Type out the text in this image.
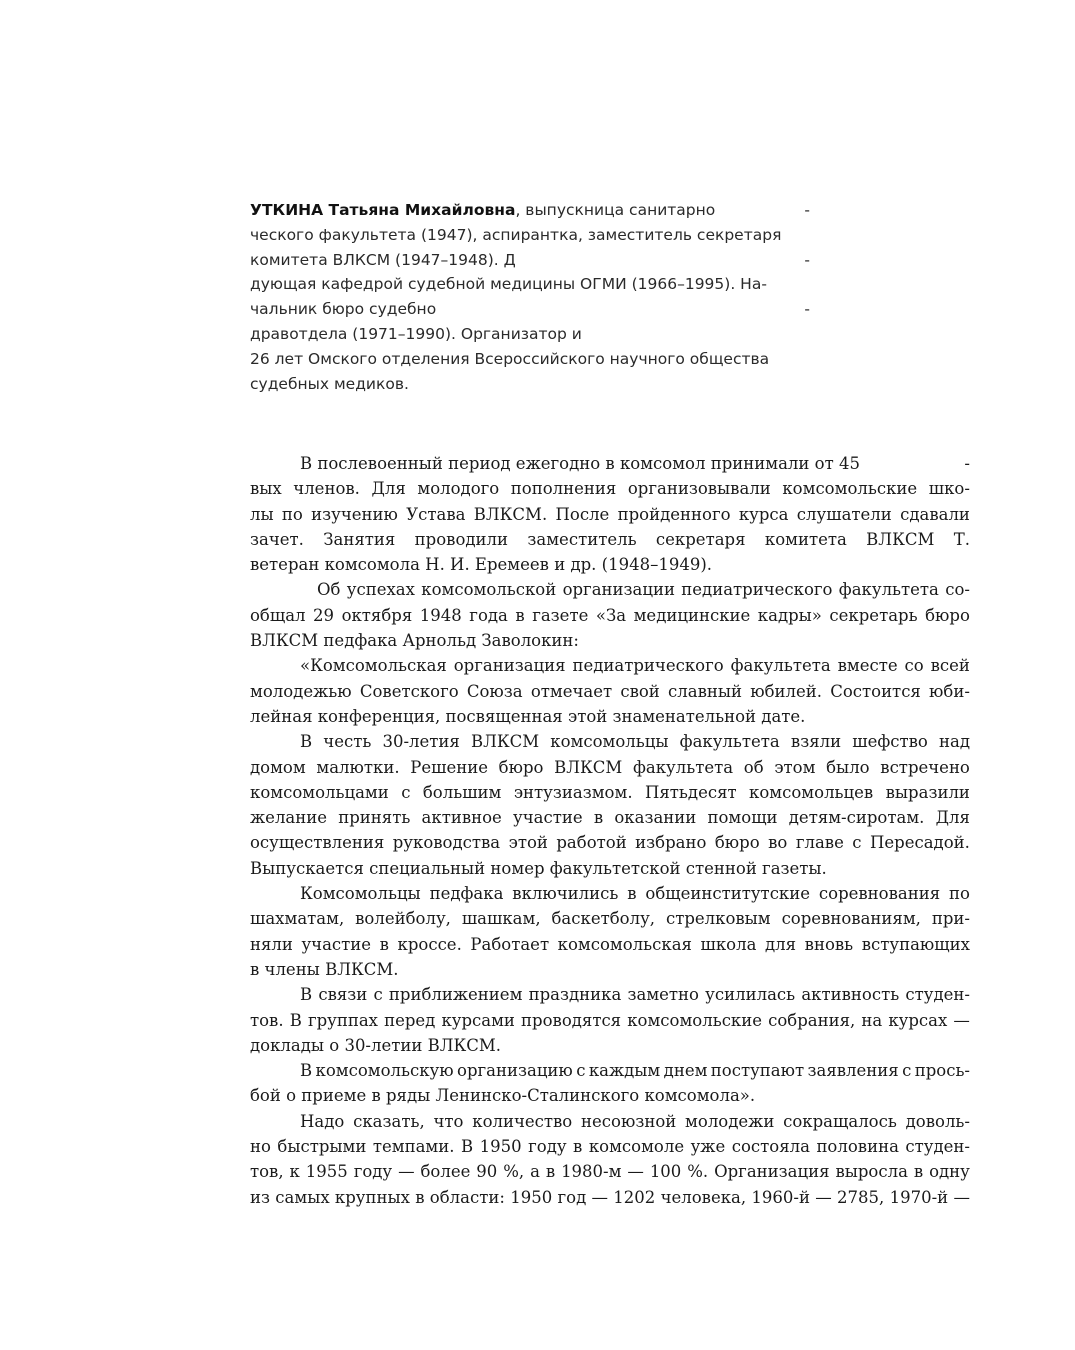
УТКИНА Татьяна Михайловна, выпускница санитарно	-
ческого факультета (1947), аспирантка, заместитель секретаря
комитета ВЛКСМ (1947–1948). Д	-
дующая кафедрой судебной медицины ОГМИ (1966–1995). На-
чальник бюро судебно	-
дравотдела (1971–1990). Организатор и
26 лет Омского отделения Всероссийского научного общества
судебных медиков.
В послевоенный период ежегодно в комсомол принимали от 45	-
вых членов. Для молодого пополнения организовывали комсомольские шко-
лы по изучению Устава ВЛКСМ. После пройденного курса слушатели сдавали
зачет. Занятия проводили заместитель секретаря комитета ВЛКСМ Т.
ветеран комсомола Н. И. Еремеев и др. (1948–1949).
Об успехах комсомольской организации педиатрического факультета со-
общал 29 октября 1948 года в газете «За медицинские кадры» секретарь бюро
ВЛКСМ педфака Арнольд Заволокин:
«Комсомольская организация педиатрического факультета вместе со всей
молодежью Советского Союза отмечает свой славный юбилей. Состоится юби-
лейная конференция, посвященная этой знаменательной дате.
В честь 30-летия ВЛКСМ комсомольцы факультета взяли шефство над
домом малютки. Решение бюро ВЛКСМ факультета об этом было встречено
комсомольцами с большим энтузиазмом. Пятьдесят комсомольцев выразили
желание принять активное участие в оказании помощи детям-сиротам. Для
осуществления руководства этой работой избрано бюро во главе с Пересадой.
Выпускается специальный номер факультетской стенной газеты.
Комсомольцы педфака включились в общеинститутские соревнования по
шахматам, волейболу, шашкам, баскетболу, стрелковым соревнованиям, при-
няли участие в кроссе. Работает комсомольская школа для вновь вступающих
в члены ВЛКСМ.
В связи с приближением праздника заметно усилилась активность студен-
тов. В группах перед курсами проводятся комсомольские собрания, на курсах —
доклады о 30-летии ВЛКСМ.
В комсомольскую организацию с каждым днем поступают заявления с прось-
бой о приеме в ряды Ленинско-Сталинского комсомола».
Надо сказать, что количество несоюзной молодежи сокращалось доволь-
но быстрыми темпами. В 1950 году в комсомоле уже состояла половина студен-
тов, к 1955 году — более 90 %, а в 1980-м — 100 %. Организация выросла в одну
из самых крупных в области: 1950 год — 1202 человека, 1960-й — 2785, 1970-й —
